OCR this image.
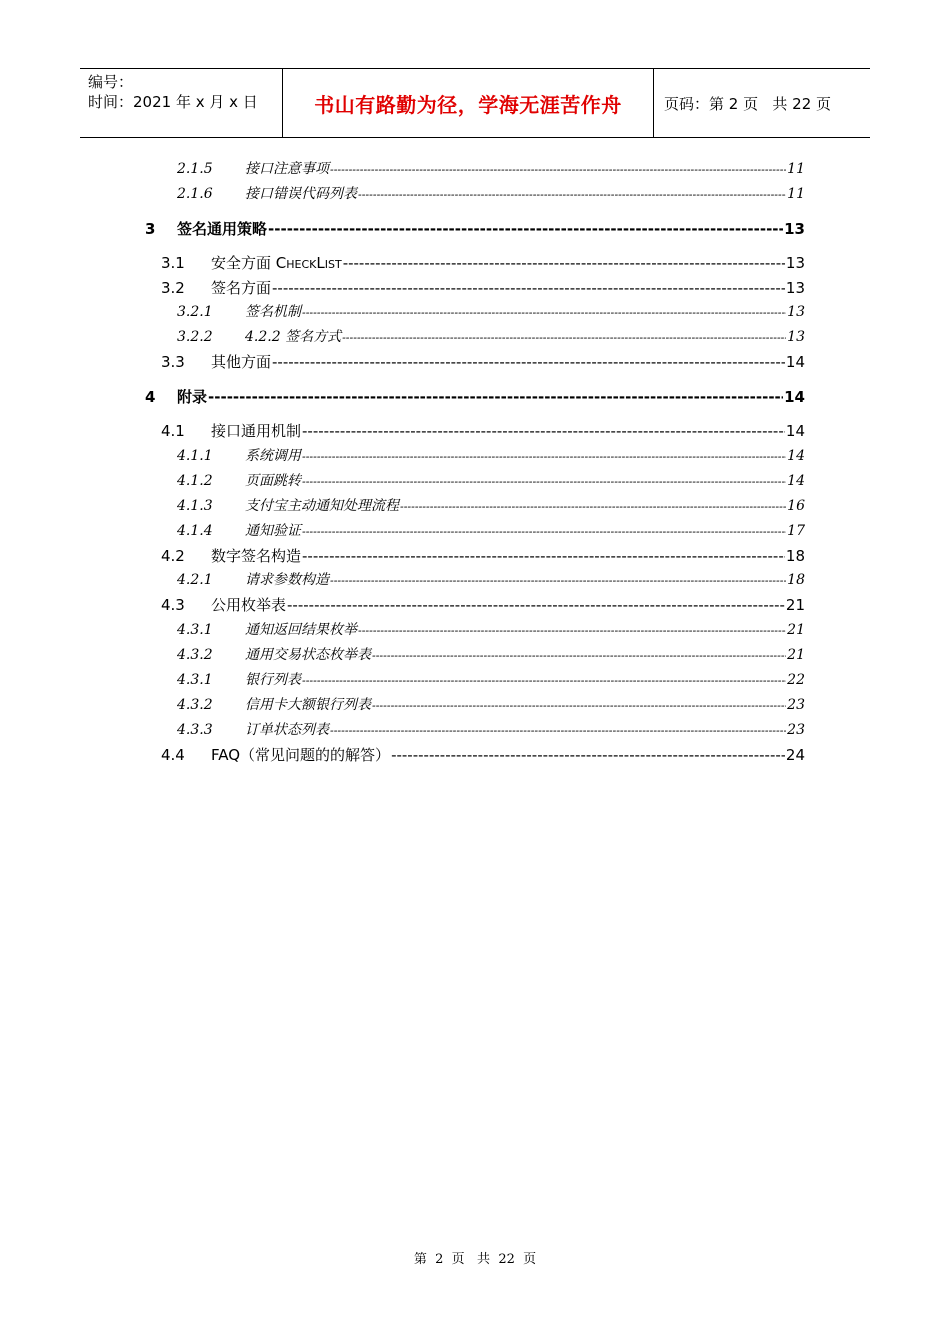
编号：
时间：2021 年 x 月 x 日	书山有路勤为径，学海无涯苦作舟	页码：第 2 页   共 22 页
2.1.5	接口注意事项 -----	11
2.1.6	接口错误代码列表 -----	11
3	签名通用策略 -----	13
3.1	安全方面 CheckList -----	13
3.2	签名方面 -----	13
3.2.1	签名机制 -----	13
3.2.2	4.2.2 签名方式 -----	13
3.3	其他方面 -----	14
4	附录 -----	14
4.1	接口通用机制 -----	14
4.1.1	系统调用 -----	14
4.1.2	页面跳转 -----	14
4.1.3	支付宝主动通知处理流程 -----	16
4.1.4	通知验证 -----	17
4.2	数字签名构造 -----	18
4.2.1	请求参数构造 -----	18
4.3	公用枚举表 -----	21
4.3.1	通知返回结果枚举 -----	21
4.3.2	通用交易状态枚举表 -----	21
4.3.1	银行列表 -----	22
4.3.2	信用卡大额银行列表 -----	23
4.3.3	订单状态列表 -----	23
4.4	FAQ（常见问题的的解答） -----	24
第  2  页   共  22  页
